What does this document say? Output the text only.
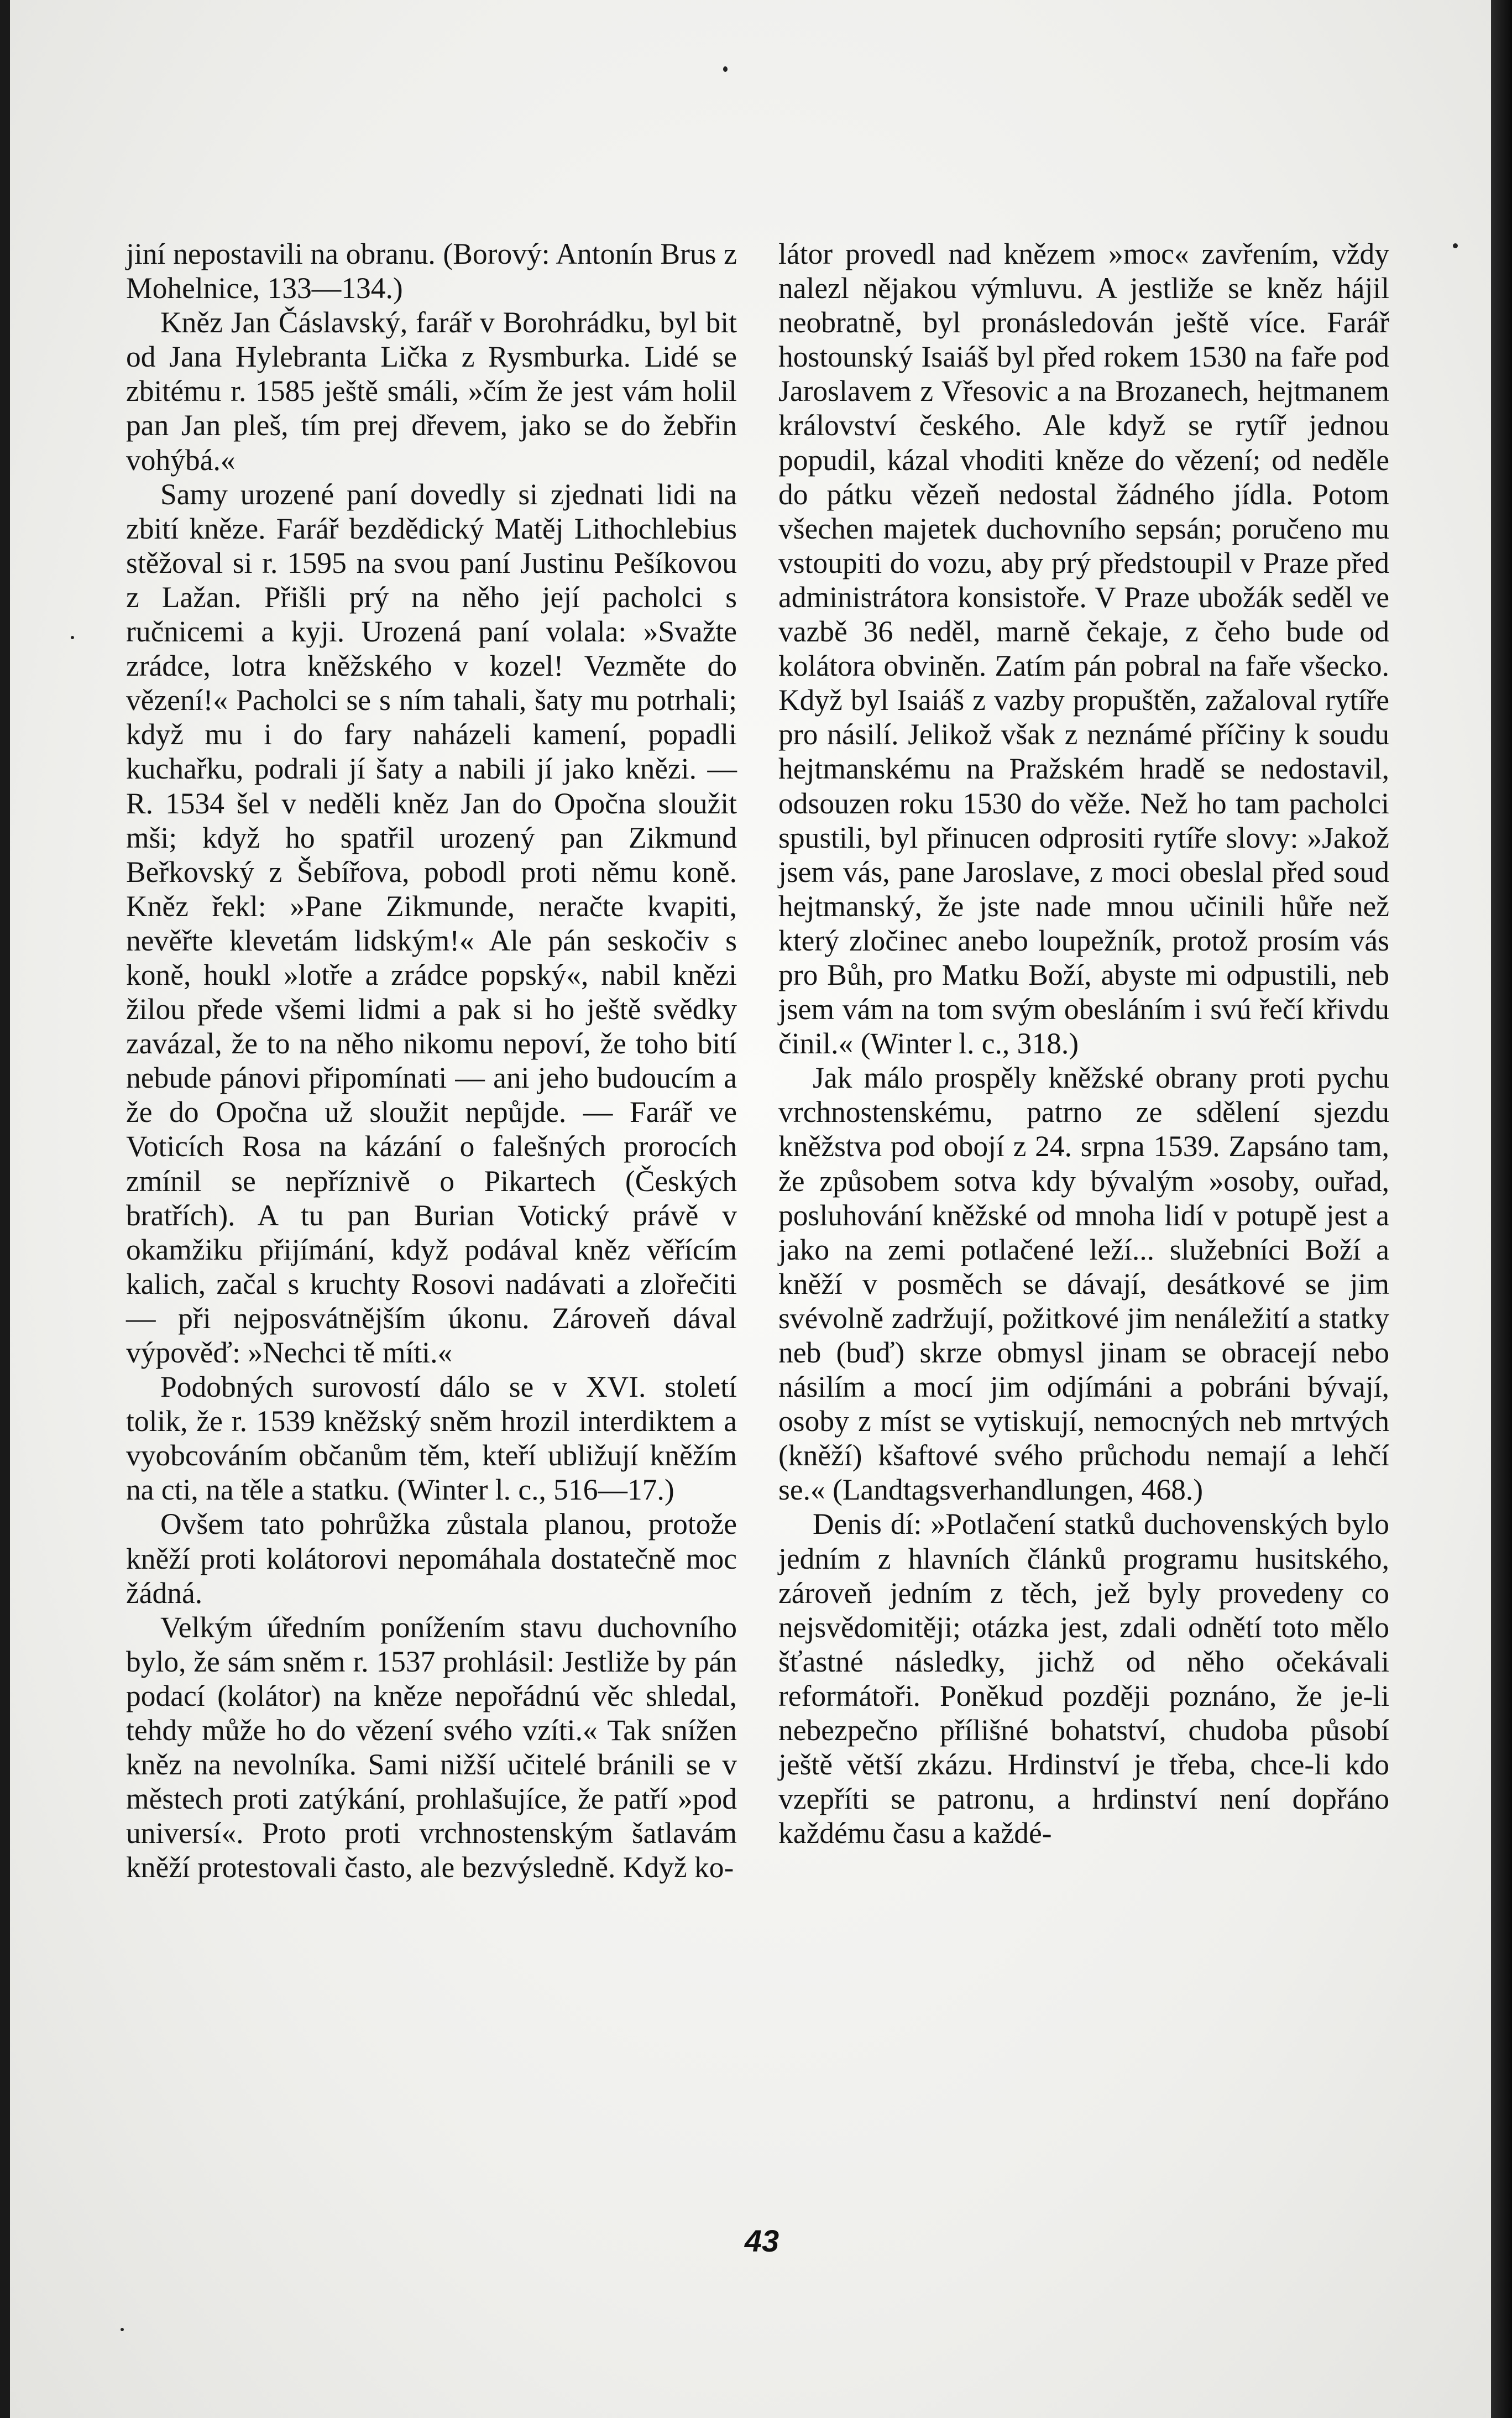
jiní nepostavili na obranu. (Borový: Antonín Brus z Mohelnice, 133—134.)

Kněz Jan Čáslavský, farář v Borohrádku, byl bit od Jana Hylebranta Lička z Rysmburka. Lidé se zbitému r. 1585 ještě smáli, »čím že jest vám holil pan Jan pleš, tím prej dřevem, jako se do žebřin vohýbá.«

Samy urozené paní dovedly si zjednati lidi na zbití kněze. Farář bezdědický Matěj Lithochlebius stěžoval si r. 1595 na svou paní Justinu Pešíkovou z Lažan. Přišli prý na něho její pacholci s ručnicemi a kyji. Urozená paní volala: »Svažte zrádce, lotra kněžského v kozel! Vezměte do vězení!« Pacholci se s ním tahali, šaty mu potrhali; když mu i do fary naházeli kamení, popadli kuchařku, podrali jí šaty a nabili jí jako knězi. — R. 1534 šel v neděli kněz Jan do Opočna sloužit mši; když ho spatřil urozený pan Zikmund Beřkovský z Šebířova, pobodl proti němu koně. Kněz řekl: »Pane Zikmunde, neračte kvapiti, nevěřte klevetám lidským!« Ale pán seskočiv s koně, houkl »lotře a zrádce popský«, nabil knězi žilou přede všemi lidmi a pak si ho ještě svědky zavázal, že to na něho nikomu nepoví, že toho bití nebude pánovi připomínati — ani jeho budoucím a že do Opočna už sloužit nepůjde. — Farář ve Voticích Rosa na kázání o falešných prorocích zmínil se nepříznivě o Pikartech (Českých bratřích). A tu pan Burian Votický právě v okamžiku přijímání, když podával kněz věřícím kalich, začal s kruchty Rosovi nadávati a zlořečiti — při nejposvátnějším úkonu. Zároveň dával výpověď: »Nechci tě míti.«

Podobných surovostí dálo se v XVI. století tolik, že r. 1539 kněžský sněm hrozil interdiktem a vyobcováním občanům těm, kteří ubližují kněžím na cti, na těle a statku. (Winter l. c., 516—17.)

Ovšem tato pohrůžka zůstala planou, protože kněží proti kolátorovi nepomáhala dostatečně moc žádná.

Velkým úředním ponížením stavu duchovního bylo, že sám sněm r. 1537 prohlásil: Jestliže by pán podací (kolátor) na kněze nepořádnú věc shledal, tehdy může ho do vězení svého vzíti.« Tak snížen kněz na nevolníka. Sami nižší učitelé bránili se v městech proti zatýkání, prohlašujíce, že patří »pod universí«. Proto proti vrchnostenským šatlavám kněží protestovali často, ale bezvýsledně. Když ko-

látor provedl nad knězem »moc« zavřením, vždy nalezl nějakou výmluvu. A jestliže se kněz hájil neobratně, byl pronásledován ještě více. Farář hostounský Isaiáš byl před rokem 1530 na faře pod Jaroslavem z Vřesovic a na Brozanech, hejtmanem království českého. Ale když se rytíř jednou popudil, kázal vhoditi kněze do vězení; od neděle do pátku vězeň nedostal žádného jídla. Potom všechen majetek duchovního sepsán; poručeno mu vstoupiti do vozu, aby prý předstoupil v Praze před administrátora konsistoře. V Praze ubožák seděl ve vazbě 36 neděl, marně čekaje, z čeho bude od kolátora obviněn. Zatím pán pobral na faře všecko. Když byl Isaiáš z vazby propuštěn, zažaloval rytíře pro násilí. Jelikož však z neznámé příčiny k soudu hejtmanskému na Pražském hradě se nedostavil, odsouzen roku 1530 do věže. Než ho tam pacholci spustili, byl přinucen odprositi rytíře slovy: »Jakož jsem vás, pane Jaroslave, z moci obeslal před soud hejtmanský, že jste nade mnou učinili hůře než který zločinec anebo loupežník, protož prosím vás pro Bůh, pro Matku Boží, abyste mi odpustili, neb jsem vám na tom svým obesláním i svú řečí křivdu činil.« (Winter l. c., 318.)

Jak málo prospěly kněžské obrany proti pychu vrchnostenskému, patrno ze sdělení sjezdu kněžstva pod obojí z 24. srpna 1539. Zapsáno tam, že způsobem sotva kdy bývalým »osoby, ouřad, posluhování kněžské od mnoha lidí v potupě jest a jako na zemi potlačené leží... služebníci Boží a kněží v posměch se dávají, desátkové se jim svévolně zadržují, požitkové jim nenáležití a statky neb (buď) skrze obmysl jinam se obracejí nebo násilím a mocí jim odjímáni a pobráni bývají, osoby z míst se vytiskují, nemocných neb mrtvých (kněží) kšaftové svého průchodu nemají a lehčí se.« (Landtagsverhandlungen, 468.)

Denis dí: »Potlačení statků duchovenských bylo jedním z hlavních článků programu husitského, zároveň jedním z těch, jež byly provedeny co nejsvědomitěji; otázka jest, zdali odnětí toto mělo šťastné následky, jichž od něho očekávali reformátoři. Poněkud později poznáno, že je-li nebezpečno přílišné bohatství, chudoba působí ještě větší zkázu. Hrdinství je třeba, chce-li kdo vzepříti se patronu, a hrdinství není dopřáno každému času a každé-

43
